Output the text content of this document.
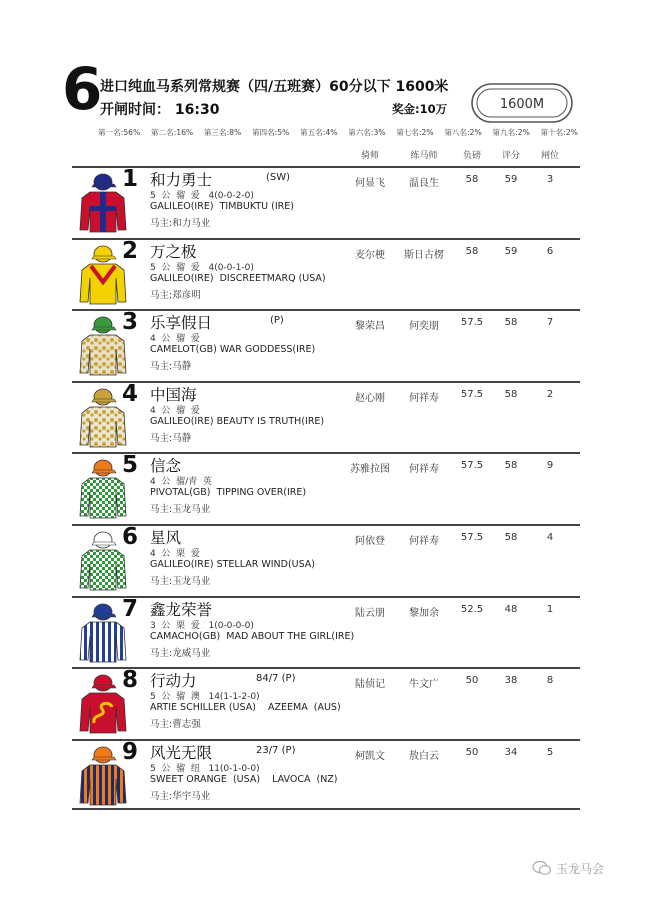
6
进口纯血马系列常规赛（四/五班赛）60分以下 1600米
开闸时间： 16:30	奖金:10万	1600M
第一名:56% 第二名:16% 第三名:8% 第四名:5% 第五名:4% 第六名:3% 第七名:2% 第八名:2% 第九名:2% 第十名:2%
骑师	练马师	负磅 评分 闸位
1 和力勇士	(SW)
5  公  骝  爱   4(0-0-2-0)
GALILEO(IRE)  TIMBUKTU (IRE)
马主:和力马业
何显飞 温良生	58	59	3
2 万之极
5  公  骝  爱   4(0-0-1-0)
GALILEO(IRE)  DISCREETMARQ (USA)
马主:郑彦明
麦尔梗 斯日古楞 58	59	6
3 乐享假日	(P)
4  公  骝  爱
CAMELOT(GB) WAR GODDESS(IRE)
马主:马静
黎荣昌 何奕朋 57.5 58	7
4 中国海
4  公  骝  爱
GALILEO(IRE) BEAUTY IS TRUTH(IRE)
马主:马静
赵心刚 何祥寿 57.5 58	2
5 信念
4  公  骝/青  英
PIVOTAL(GB)  TIPPING OVER(IRE)
马主:玉龙马业
苏雅拉图 何祥寿 57.5 58	9
6 星风
4  公  栗  爱
GALILEO(IRE) STELLAR WIND(USA)
马主:玉龙马业
阿依登 何祥寿 57.5 58	4
7 鑫龙荣誉
3  公  栗  爱   1(0-0-0-0)
CAMACHO(GB)  MAD ABOUT THE GIRL(IRE)
马主:龙威马业
陆云朋 黎加余 52.5 48	1
8 行动力	84/7 (P)
5  公  骝  澳   14(1-1-2-0)
ARTIE SCHILLER (USA)    AZEEMA  (AUS)
马主:曹志强
陆侦记 牛文广	50	38	8
9 风光无限	23/7 (P)
5  公  骝  纽   11(0-1-0-0)
SWEET ORANGE  (USA)    LAVOCA  (NZ)
马主:华宇马业
柯凯文 敖白云	50	34	5
玉龙马会
